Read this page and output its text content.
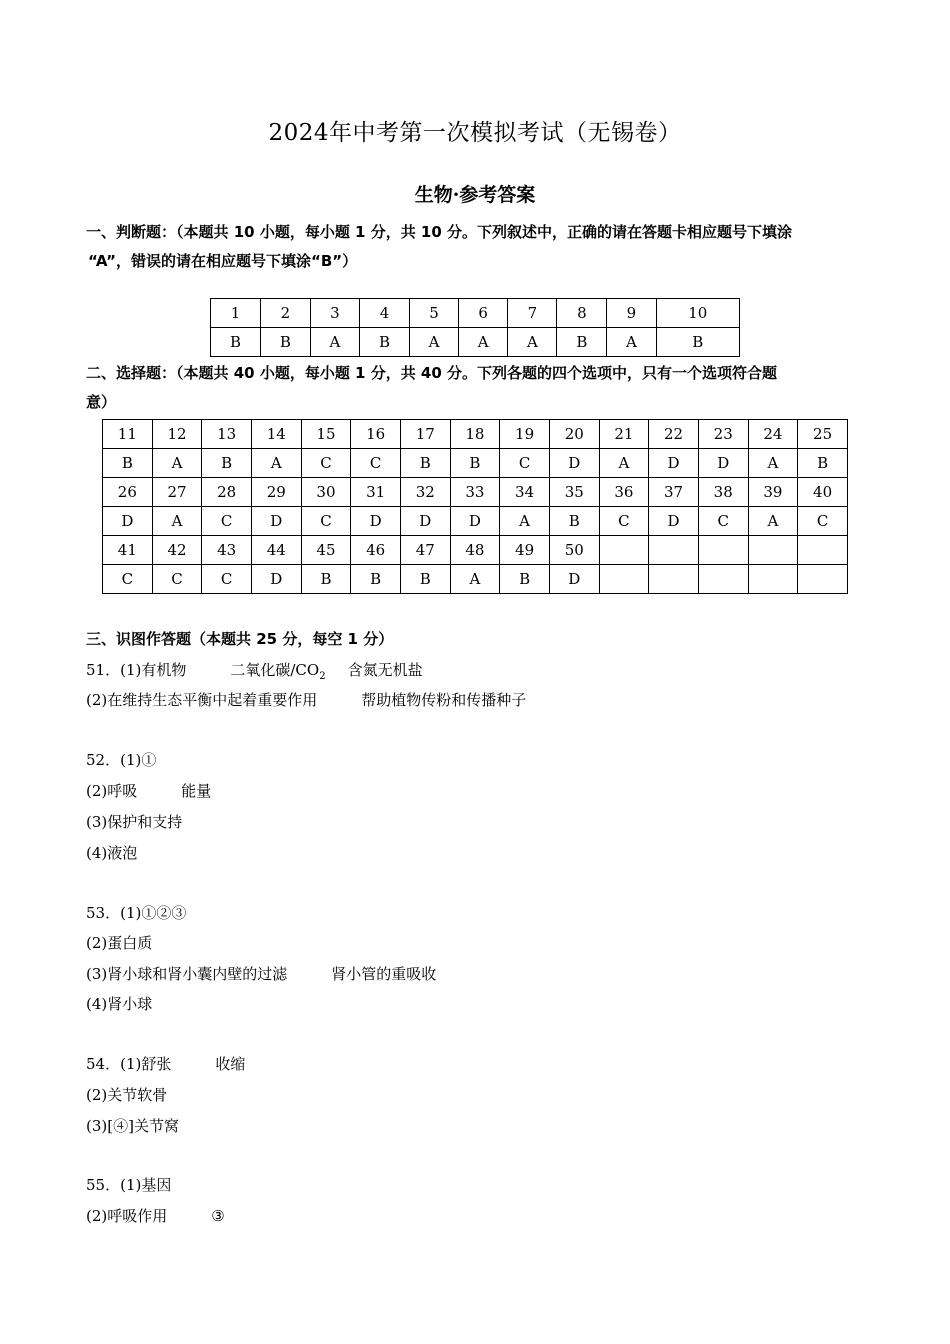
2024年中考第一次模拟考试（无锡卷）
生物·参考答案
一、判断题：（本题共 10 小题，每小题 1 分，共 10 分。下列叙述中，正确的请在答题卡相应题号下填涂
“A”，错误的请在相应题号下填涂“B”）
1	2	3	4	5	6	7	8	9	10
B	B	A	B	A	A	A	B	A	B
二、选择题：（本题共 40 小题，每小题 1 分，共 40 分。下列各题的四个选项中，只有一个选项符合题
意）
11	12	13	14	15	16	17	18	19	20	21	22	23	24	25
B	A	B	A	C	C	B	B	C	D	A	D	D	A	B
26	27	28	29	30	31	32	33	34	35	36	37	38	39	40
D	A	C	D	C	D	D	D	A	B	C	D	C	A	C
41	42	43	44	45	46	47	48	49	50					
C	C	C	D	B	B	B	A	B	D					
三、识图作答题（本题共 25 分，每空 1 分）
51．(1)有机物	二氧化碳$/CO_2$ 含氮无机盐
(2)在维持生态平衡中起着重要作用	帮助植物传粉和传播种子
52．(1)①
(2)呼吸	能量
(3)保护和支持
(4)液泡
53．(1)①②③
(2)蛋白质
(3)肾小球和肾小囊内壁的过滤	肾小管的重吸收
(4)肾小球
54．(1)舒张	收缩
(2)关节软骨
(3)[④]关节窝
55．(1)基因
(2)呼吸作用	③
